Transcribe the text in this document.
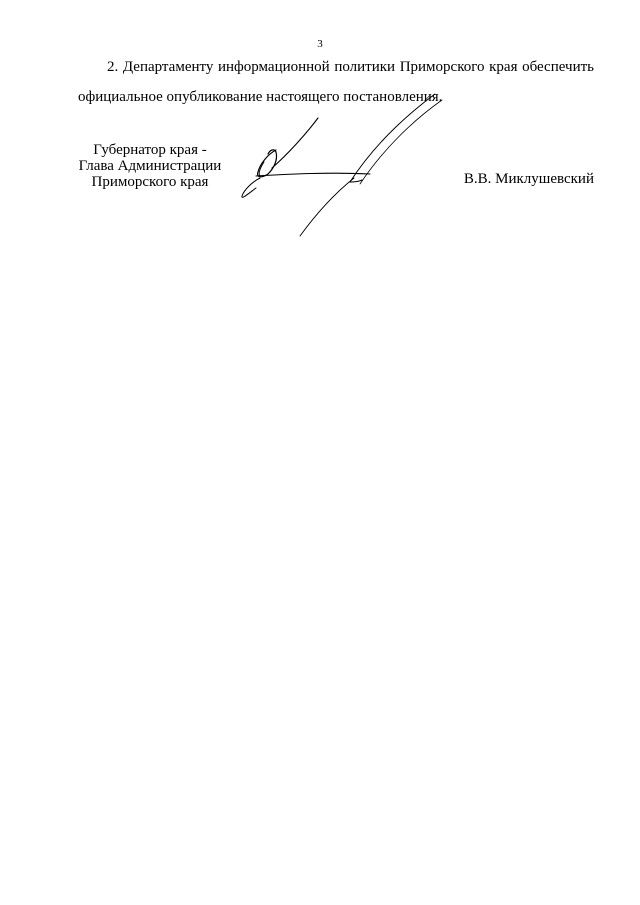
3
2. Департаменту информационной политики Приморского края обеспечить
официальное опубликование настоящего постановления.
Губернатор края -
Глава Администрации
Приморского края	В.В. Миклушевский
